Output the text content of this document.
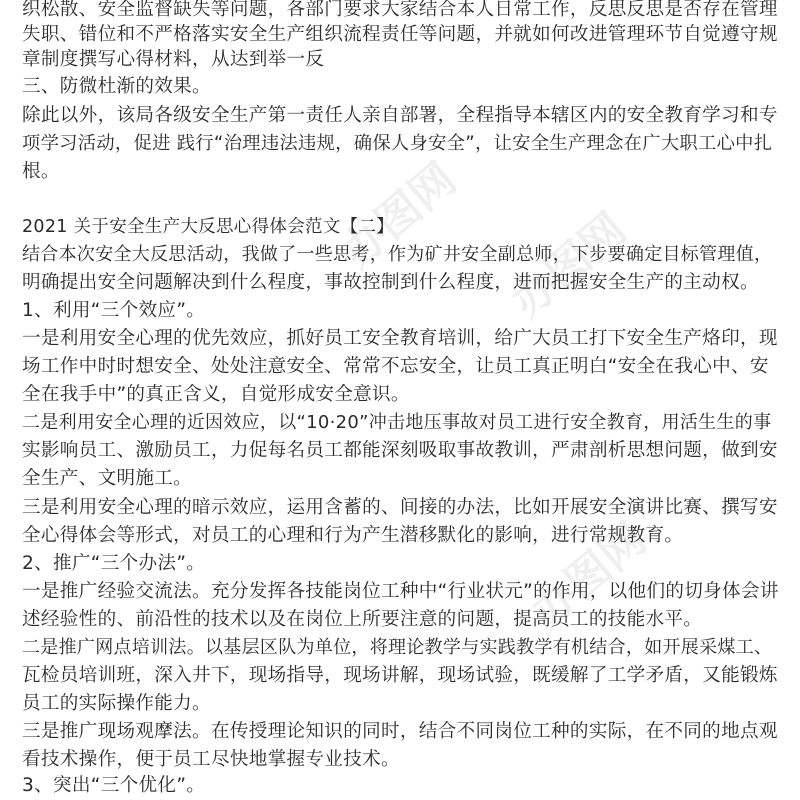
办图网 办图网
办图网
织松散、安全监督缺失等问题，各部门要求大家结合本人日常工作，反思反思是否存在管理
失职、错位和不严格落实安全生产组织流程责任等问题，并就如何改进管理环节自觉遵守规
章制度撰写心得材料，从达到举一反
三、防微杜渐的效果。
除此以外，该局各级安全生产第一责任人亲自部署，全程指导本辖区内的安全教育学习和专
项学习活动，促进 践行“治理违法违规，确保人身安全”，让安全生产理念在广大职工心中扎
根。
2021 关于安全生产大反思心得体会范文【二】
结合本次安全大反思活动，我做了一些思考，作为矿井安全副总师，下步要确定目标管理值，
明确提出安全问题解决到什么程度，事故控制到什么程度，进而把握安全生产的主动权。
1、利用“三个效应”。
一是利用安全心理的优先效应，抓好员工安全教育培训，给广大员工打下安全生产烙印，现
场工作中时时想安全、处处注意安全、常常不忘安全，让员工真正明白“安全在我心中、安
全在我手中”的真正含义，自觉形成安全意识。
二是利用安全心理的近因效应，以“10·20”冲击地压事故对员工进行安全教育，用活生生的事
实影响员工、激励员工，力促每名员工都能深刻吸取事故教训，严肃剖析思想问题，做到安
全生产、文明施工。
三是利用安全心理的暗示效应，运用含蓄的、间接的办法，比如开展安全演讲比赛、撰写安
全心得体会等形式，对员工的心理和行为产生潜移默化的影响，进行常规教育。
2、推广“三个办法”。
一是推广经验交流法。充分发挥各技能岗位工种中“行业状元”的作用，以他们的切身体会讲
述经验性的、前沿性的技术以及在岗位上所要注意的问题，提高员工的技能水平。
二是推广网点培训法。以基层区队为单位，将理论教学与实践教学有机结合，如开展采煤工、
瓦检员培训班，深入井下，现场指导，现场讲解，现场试验，既缓解了工学矛盾，又能锻炼
员工的实际操作能力。
三是推广现场观摩法。在传授理论知识的同时，结合不同岗位工种的实际，在不同的地点观
看技术操作，便于员工尽快地掌握专业技术。
3、突出“三个优化”。
